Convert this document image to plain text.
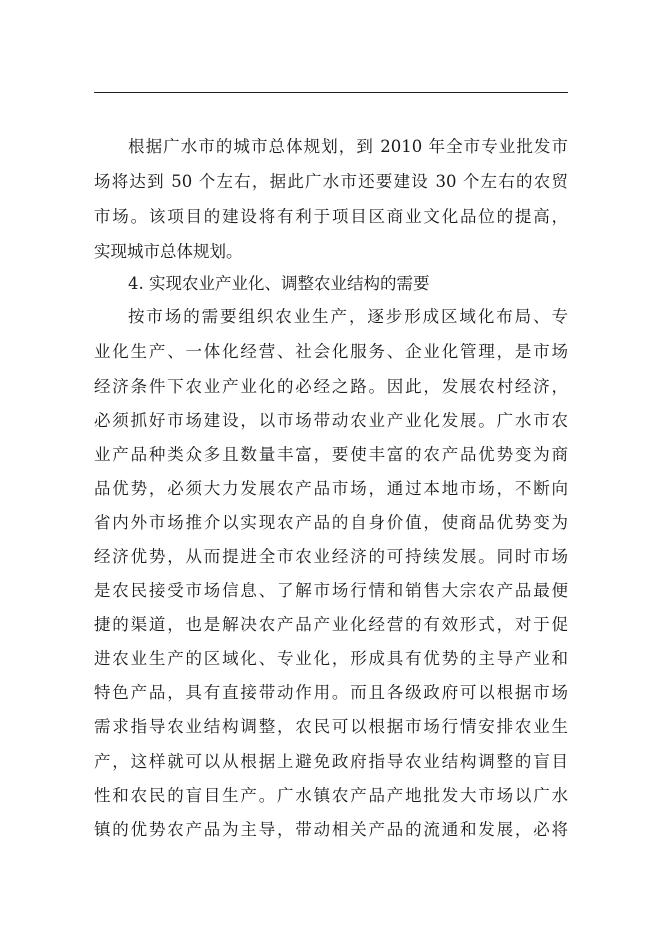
根据广水市的城市总体规划，到 2010 年全市专业批发市
场将达到 50 个左右，据此广水市还要建设 30 个左右的农贸
市场。该项目的建设将有利于项目区商业文化品位的提高，
实现城市总体规划。
4. 实现农业产业化、调整农业结构的需要
按市场的需要组织农业生产，逐步形成区域化布局、专
业化生产、一体化经营、社会化服务、企业化管理，是市场
经济条件下农业产业化的必经之路。因此，发展农村经济，
必须抓好市场建设，以市场带动农业产业化发展。广水市农
业产品种类众多且数量丰富，要使丰富的农产品优势变为商
品优势，必须大力发展农产品市场，通过本地市场，不断向
省内外市场推介以实现农产品的自身价值，使商品优势变为
经济优势，从而提进全市农业经济的可持续发展。同时市场
是农民接受市场信息、了解市场行情和销售大宗农产品最便
捷的渠道，也是解决农产品产业化经营的有效形式，对于促
进农业生产的区域化、专业化，形成具有优势的主导产业和
特色产品，具有直接带动作用。而且各级政府可以根据市场
需求指导农业结构调整，农民可以根据市场行情安排农业生
产，这样就可以从根据上避免政府指导农业结构调整的盲目
性和农民的盲目生产。广水镇农产品产地批发大市场以广水
镇的优势农产品为主导，带动相关产品的流通和发展，必将
